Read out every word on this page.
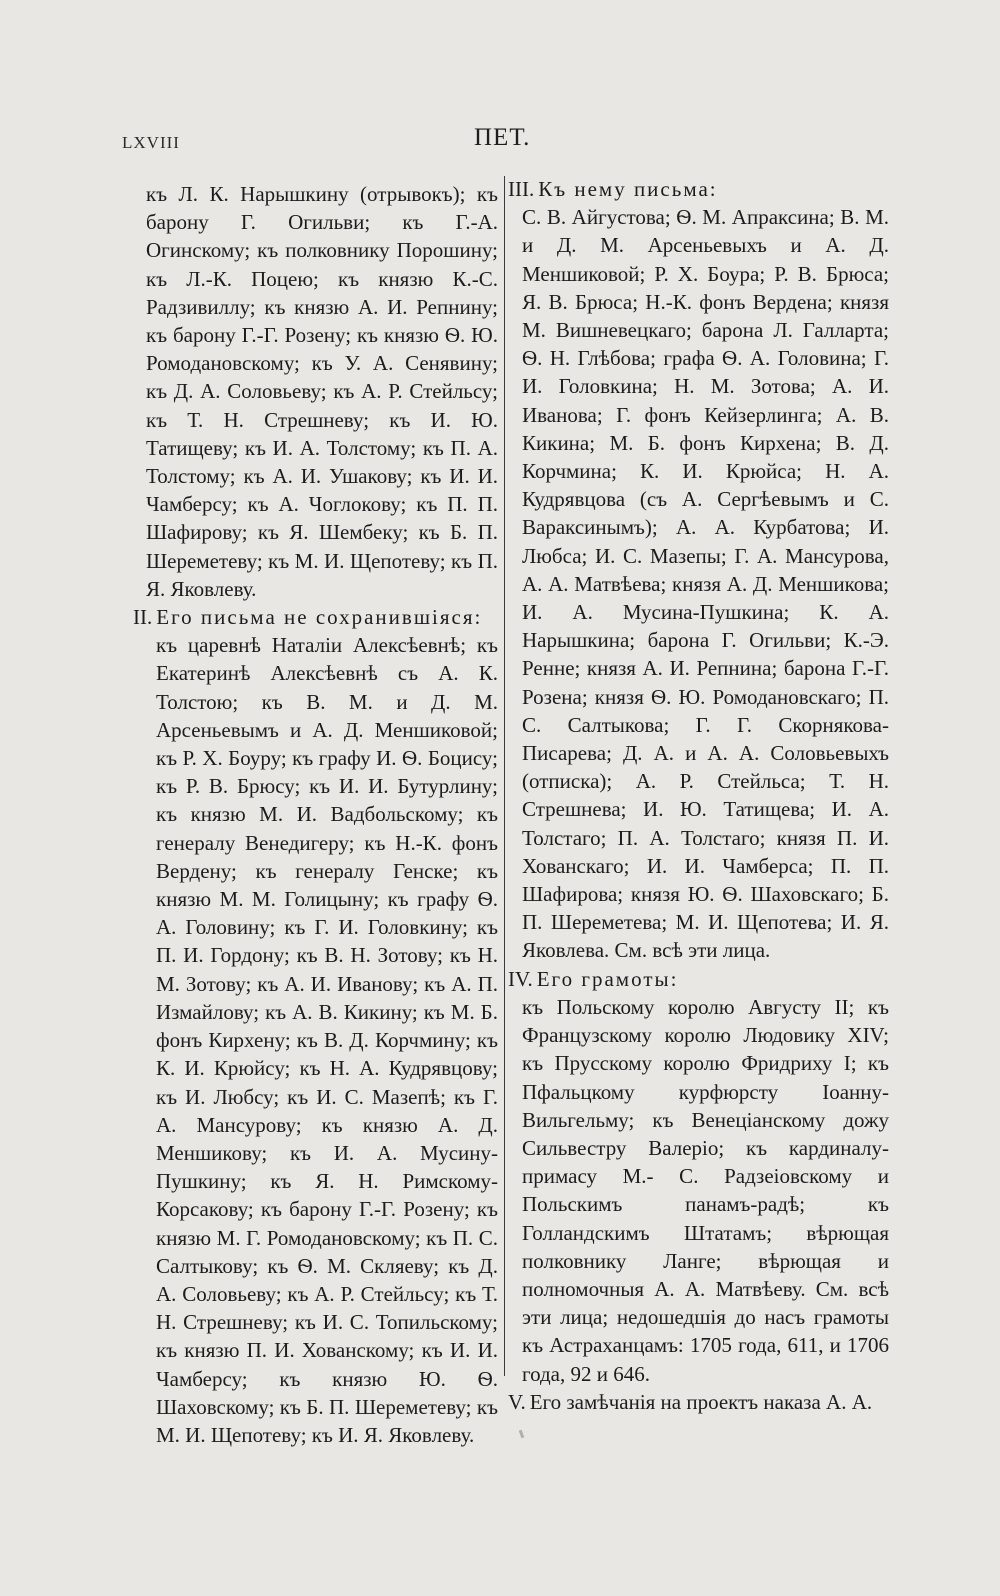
LXVIII	ПЕТ.

къ Л. К. Нарышкину (отрывокъ); къ барону Г. Огильви; къ Г.-А. Огинскому; къ полковнику Порошину; къ Л.-К. Поцею; къ князю К.-С. Радзивиллу; къ князю А. И. Репнину; къ барону Г.-Г. Розену; къ князю Ѳ. Ю. Ромодановскому; къ У. А. Сенявину; къ Д. А. Соловьеву; къ А. Р. Стейльсу; къ Т. Н. Стрешневу; къ И. Ю. Татищеву; къ И. А. Толстому; къ П. А. Толстому; къ А. И. Ушакову; къ И. И. Чамберсу; къ А. Чоглокову; къ П. П. Шафирову; къ Я. Шембеку; къ Б. П. Шереметеву; къ М. И. Щепотеву; къ П. Я. Яковлеву.

II. Его письма не сохранившіяся:
къ царевнѣ Наталіи Алексѣевнѣ; къ Екатеринѣ Алексѣевнѣ съ А. К. Толстою; къ В. М. и Д. М. Арсеньевымъ и А. Д. Меншиковой; къ Р. Х. Боуру; къ графу И. Ѳ. Боцису; къ Р. В. Брюсу; къ И. И. Бутурлину; къ князю М. И. Вадбольскому; къ генералу Венедигеру; къ Н.-К. фонъ Вердену; къ генералу Генске; къ князю М. М. Голицыну; къ графу Ѳ. А. Головину; къ Г. И. Головкину; къ П. И. Гордону; къ В. Н. Зотову; къ Н. М. Зотову; къ А. И. Иванову; къ А. П. Измайлову; къ А. В. Кикину; къ М. Б. фонъ Кирхену; къ В. Д. Корчмину; къ К. И. Крюйсу; къ Н. А. Кудрявцову; къ И. Любсу; къ И. С. Мазепѣ; къ Г. А. Мансурову; къ князю А. Д. Меншикову; къ И. А. Мусину-Пушкину; къ Я. Н. Римскому-Корсакову; къ барону Г.-Г. Розену; къ князю М. Г. Ромодановскому; къ П. С. Салтыкову; къ Ѳ. М. Скляеву; къ Д. А. Соловьеву; къ А. Р. Стейльсу; къ Т. Н. Стрешневу; къ И. С. Топильскому; къ князю П. И. Хованскому; къ И. И. Чамберсу; къ князю Ю. Ѳ. Шаховскому; къ Б. П. Шереметеву; къ М. И. Щепотеву; къ И. Я. Яковлеву.

III. Къ нему письма:
С. В. Айгустова; Ѳ. М. Апраксина; В. М. и Д. М. Арсеньевыхъ и А. Д. Меншиковой; Р. Х. Боура; Р. В. Брюса; Я. В. Брюса; Н.-К. фонъ Вердена; князя М. Вишневецкаго; барона Л. Галларта; Ѳ. Н. Глѣбова; графа Ѳ. А. Головина; Г. И. Головкина; Н. М. Зотова; А. И. Иванова; Г. фонъ Кейзерлинга; А. В. Кикина; М. Б. фонъ Кирхена; В. Д. Корчмина; К. И. Крюйса; Н. А. Кудрявцова (съ А. Сергѣевымъ и С. Вараксинымъ); А. А. Курбатова; И. Любса; И. С. Мазепы; Г. А. Мансурова, А. А. Матвѣева; князя А. Д. Меншикова; И. А. Мусина-Пушкина; К. А. Нарышкина; барона Г. Огильви; К.-Э. Ренне; князя А. И. Репнина; барона Г.-Г. Розена; князя Ѳ. Ю. Ромодановскаго; П. С. Салтыкова; Г. Г. Скорнякова-Писарева; Д. А. и А. А. Соловьевыхъ (отписка); А. Р. Стейльса; Т. Н. Стрешнева; И. Ю. Татищева; И. А. Толстаго; П. А. Толстаго; князя П. И. Хованскаго; И. И. Чамберса; П. П. Шафирова; князя Ю. Ѳ. Шаховскаго; Б. П. Шереметева; М. И. Щепотева; И. Я. Яковлева. См. всѣ эти лица.

IV. Его грамоты:
къ Польскому королю Августу II; къ Французскому королю Людовику XIV; къ Прусскому королю Фридриху I; къ Пфальцкому курфюрсту Іоанну-Вильгельму; къ Венеціанскому дожу Сильвестру Валеріо; къ кардиналу-примасу М.- С. Радзеіовскому и Польскимъ панамъ-радѣ; къ Голландскимъ Штатамъ; вѣрющая полковнику Ланге; вѣрющая и полномочныя А. А. Матвѣеву. См. всѣ эти лица; недошедшія до насъ грамоты къ Астраханцамъ: 1705 года, 611, и 1706 года, 92 и 646.

V. Его замѣчанія на проектъ наказа А. А.
